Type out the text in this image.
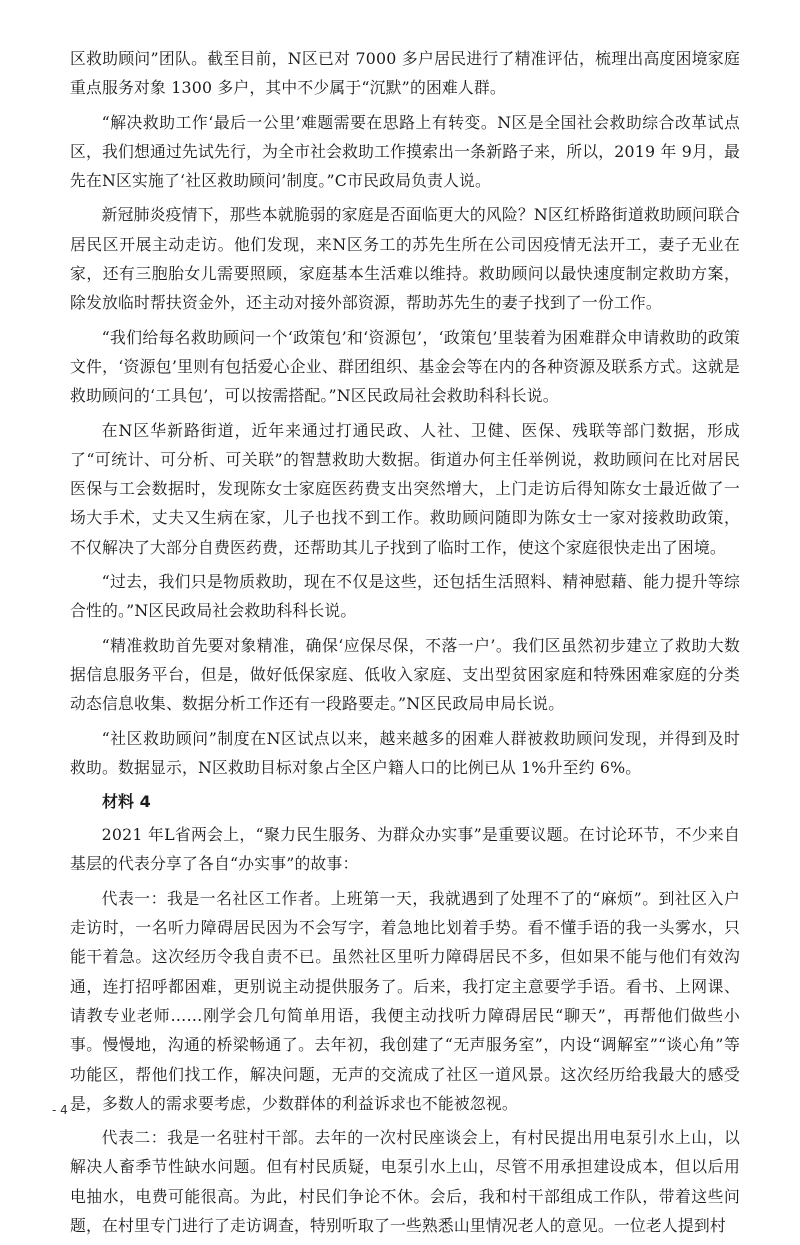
区救助顾问”团队。截至目前，N区已对 7000 多户居民进行了精准评估，梳理出高度困境家庭重点服务对象 1300 多户，其中不少属于“沉默”的困难人群。

“解决救助工作‘最后一公里’难题需要在思路上有转变。N区是全国社会救助综合改革试点区，我们想通过先试先行，为全市社会救助工作摸索出一条新路子来，所以，2019 年 9月，最先在N区实施了‘社区救助顾问’制度。”C市民政局负责人说。

新冠肺炎疫情下，那些本就脆弱的家庭是否面临更大的风险？N区红桥路街道救助顾问联合居民区开展主动走访。他们发现，来N区务工的苏先生所在公司因疫情无法开工，妻子无业在家，还有三胞胎女儿需要照顾，家庭基本生活难以维持。救助顾问以最快速度制定救助方案，除发放临时帮扶资金外，还主动对接外部资源，帮助苏先生的妻子找到了一份工作。

“我们给每名救助顾问一个‘政策包’和‘资源包’，‘政策包’里装着为困难群众申请救助的政策文件，‘资源包’里则有包括爱心企业、群团组织、基金会等在内的各种资源及联系方式。这就是救助顾问的‘工具包’，可以按需搭配。”N区民政局社会救助科科长说。

在N区华新路街道，近年来通过打通民政、人社、卫健、医保、残联等部门数据，形成了“可统计、可分析、可关联”的智慧救助大数据。街道办何主任举例说，救助顾问在比对居民医保与工会数据时，发现陈女士家庭医药费支出突然增大，上门走访后得知陈女士最近做了一场大手术，丈夫又生病在家，儿子也找不到工作。救助顾问随即为陈女士一家对接救助政策，不仅解决了大部分自费医药费，还帮助其儿子找到了临时工作，使这个家庭很快走出了困境。

“过去，我们只是物质救助，现在不仅是这些，还包括生活照料、精神慰藉、能力提升等综合性的。”N区民政局社会救助科科长说。

“精准救助首先要对象精准，确保‘应保尽保，不落一户’。我们区虽然初步建立了救助大数据信息服务平台，但是，做好低保家庭、低收入家庭、支出型贫困家庭和特殊困难家庭的分类动态信息收集、数据分析工作还有一段路要走。”N区民政局申局长说。

“社区救助顾问”制度在N区试点以来，越来越多的困难人群被救助顾问发现，并得到及时救助。数据显示，N区救助目标对象占全区户籍人口的比例已从 1%升至约 6%。

材料 4

2021 年L省两会上，“聚力民生服务、为群众办实事”是重要议题。在讨论环节，不少来自基层的代表分享了各自“办实事”的故事：

代表一：我是一名社区工作者。上班第一天，我就遇到了处理不了的“麻烦”。到社区入户走访时，一名听力障碍居民因为不会写字，着急地比划着手势。看不懂手语的我一头雾水，只能干着急。这次经历令我自责不已。虽然社区里听力障碍居民不多，但如果不能与他们有效沟通，连打招呼都困难，更别说主动提供服务了。后来，我打定主意要学手语。看书、上网课、请教专业老师……刚学会几句简单用语，我便主动找听力障碍居民“聊天”，再帮他们做些小事。慢慢地，沟通的桥梁畅通了。去年初，我创建了“无声服务室”，内设“调解室”“谈心角”等功能区，帮他们找工作，解决问题，无声的交流成了社区一道风景。这次经历给我最大的感受是，多数人的需求要考虑，少数群体的利益诉求也不能被忽视。

代表二：我是一名驻村干部。去年的一次村民座谈会上，有村民提出用电泵引水上山，以解决人畜季节性缺水问题。但有村民质疑，电泵引水上山，尽管不用承担建设成本，但以后用电抽水，电费可能很高。为此，村民们争论不休。会后，我和村干部组成工作队，带着这些问题，在村里专门进行了走访调查，特别听取了一些熟悉山里情况老人的意见。一位老人提到村

- 4 -
